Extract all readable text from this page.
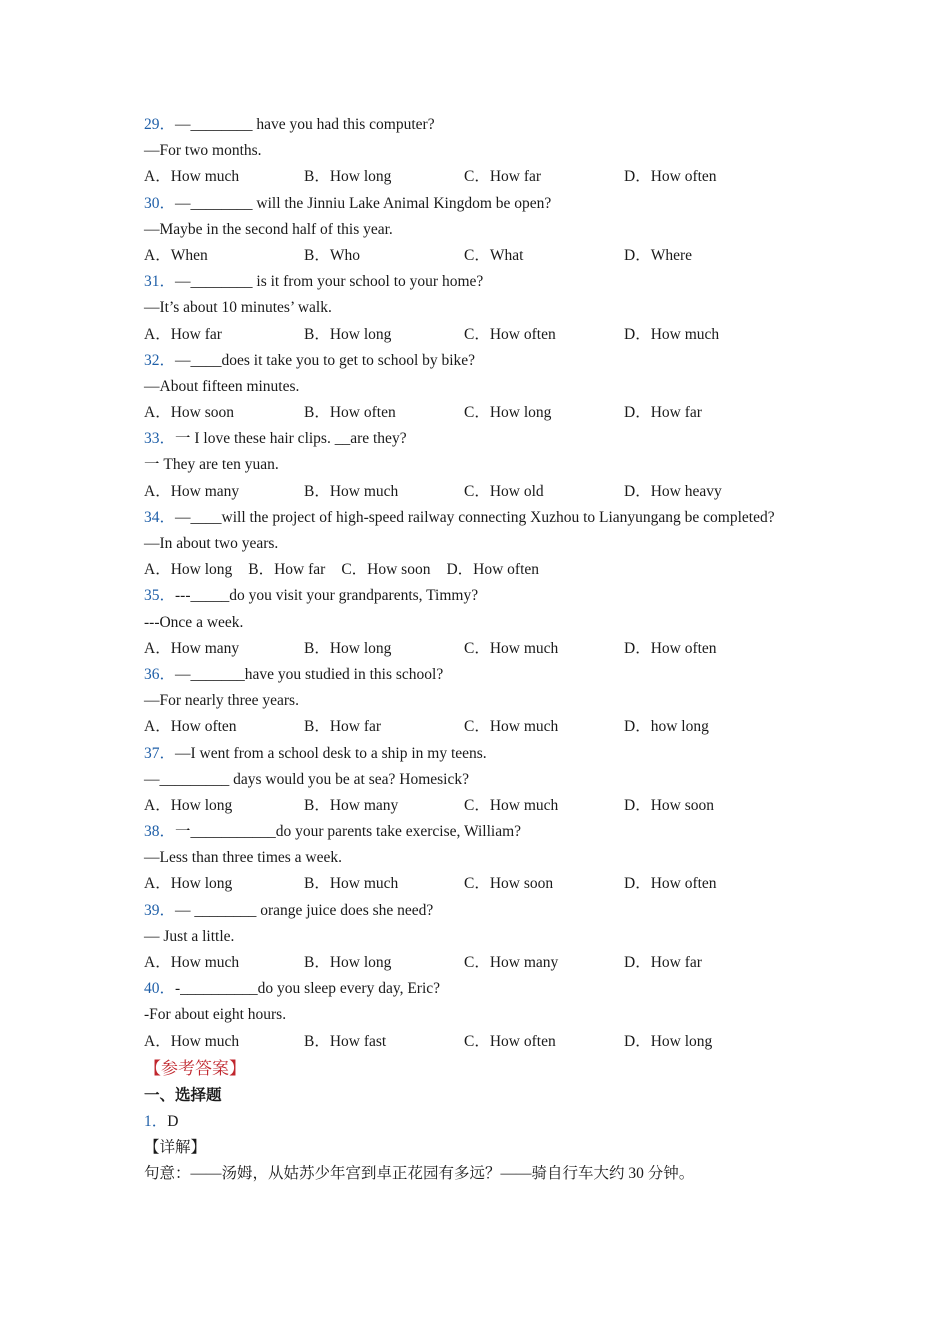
29．—________ have you had this computer?
—For two months.
A．How much	B．How long	C．How far	D．How often
30．—________ will the Jinniu Lake Animal Kingdom be open?
—Maybe in the second half of this year.
A．When	B．Who	C．What	D．Where
31．—________ is it from your school to your home?
—It’s about 10 minutes’ walk.
A．How far	B．How long	C．How often	D．How much
32．—____does it take you to get to school by bike?
—About fifteen minutes.
A．How soon	B．How often	C．How long	D．How far
33．一 I love these hair clips. __are they?
一 They are ten yuan.
A．How many	B．How much	C．How old	D．How heavy
34．—____will the project of high-speed railway connecting Xuzhou to Lianyungang be completed?
—In about two years.
A．How long B．How far C．How soon D．How often
35．---_____do you visit your grandparents, Timmy?
---Once a week.
A．How many	B．How long	C．How much	D．How often
36．—_______have you studied in this school?
—For nearly three years.
A．How often	B．How far	C．How much	D．how long
37．—I went from a school desk to a ship in my teens.
—_________ days would you be at sea? Homesick?
A．How long	B．How many	C．How much	D．How soon
38．一___________do your parents take exercise, William?
—Less than three times a week.
A．How long	B．How much	C．How soon	D．How often
39．— ________ orange juice does she need?
— Just a little.
A．How much	B．How long	C．How many	D．How far
40．-__________do you sleep every day, Eric?
-For about eight hours.
A．How much	B．How fast	C．How often	D．How long
【参考答案】
一、选择题
1．D
【详解】
句意：——汤姆，从姑苏少年宫到卓正花园有多远？——骑自行车大约 30 分钟。
